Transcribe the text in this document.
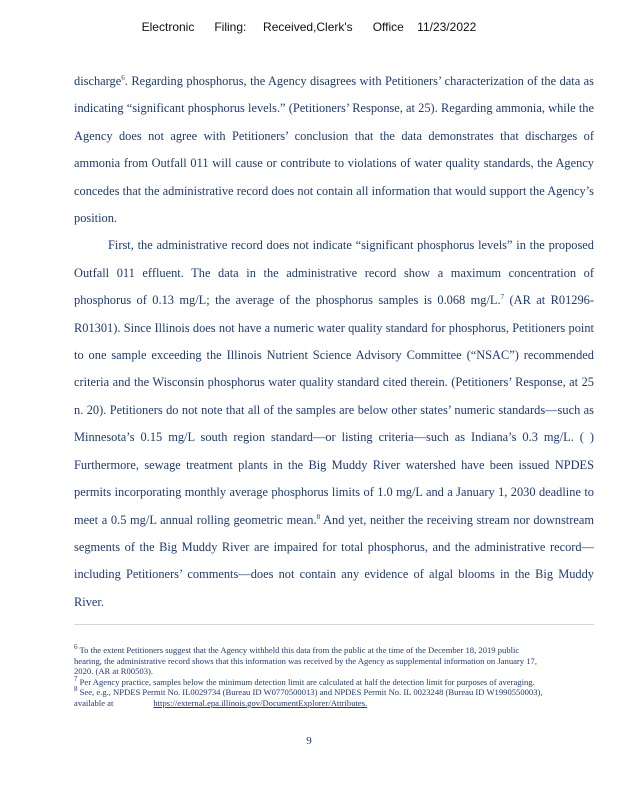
Electronic Filing: Received,Clerk's Office 11/23/2022

discharge$^6$. Regarding phosphorus, the Agency disagrees with Petitioners’ characterization of the data as indicating “significant phosphorus levels.” (Petitioners’ Response, at 25). Regarding ammonia, while the Agency does not agree with Petitioners’ conclusion that the data demonstrates that discharges of ammonia from Outfall 011 will cause or contribute to violations of water quality standards, the Agency concedes that the administrative record does not contain all information that would support the Agency’s position.

First, the administrative record does not indicate “significant phosphorus levels” in the proposed Outfall 011 effluent. The data in the administrative record show a maximum concentration of phosphorus of 0.13 mg/L; the average of the phosphorus samples is 0.068 mg/L.$^7$ (AR at R01296-R01301). Since Illinois does not have a numeric water quality standard for phosphorus, Petitioners point to one sample exceeding the Illinois Nutrient Science Advisory Committee (“NSAC”) recommended criteria and the Wisconsin phosphorus water quality standard cited therein. (Petitioners’ Response, at 25 n. 20). Petitioners do not note that all of the samples are below other states’ numeric standards—such as Minnesota’s 0.15 mg/L south region standard—or listing criteria—such as Indiana’s 0.3 mg/L. ( ) Furthermore, sewage treatment plants in the Big Muddy River watershed have been issued NPDES permits incorporating monthly average phosphorus limits of 1.0 mg/L and a January 1, 2030 deadline to meet a 0.5 mg/L annual rolling geometric mean.$^8$ And yet, neither the receiving stream nor downstream segments of the Big Muddy River are impaired for total phosphorus, and the administrative record—including Petitioners’ comments—does not contain any evidence of algal blooms in the Big Muddy River.

$^6$ To the extent Petitioners suggest that the Agency withheld this data from the public at the time of the December 18, 2019 public hearing, the administrative record shows that this information was received by the Agency as supplemental information on January 17, 2020. (AR at R00503).

$^7$ Per Agency practice, samples below the minimum detection limit are calculated at half the detection limit for purposes of averaging.

$^8$ See, e.g., NPDES Permit No. IL0029734 (Bureau ID W0770500013) and NPDES Permit No. IL 0023248 (Bureau ID W1990550003), available at	https://external.epa.illinois.gov/DocumentExplorer/Attributes.

9
